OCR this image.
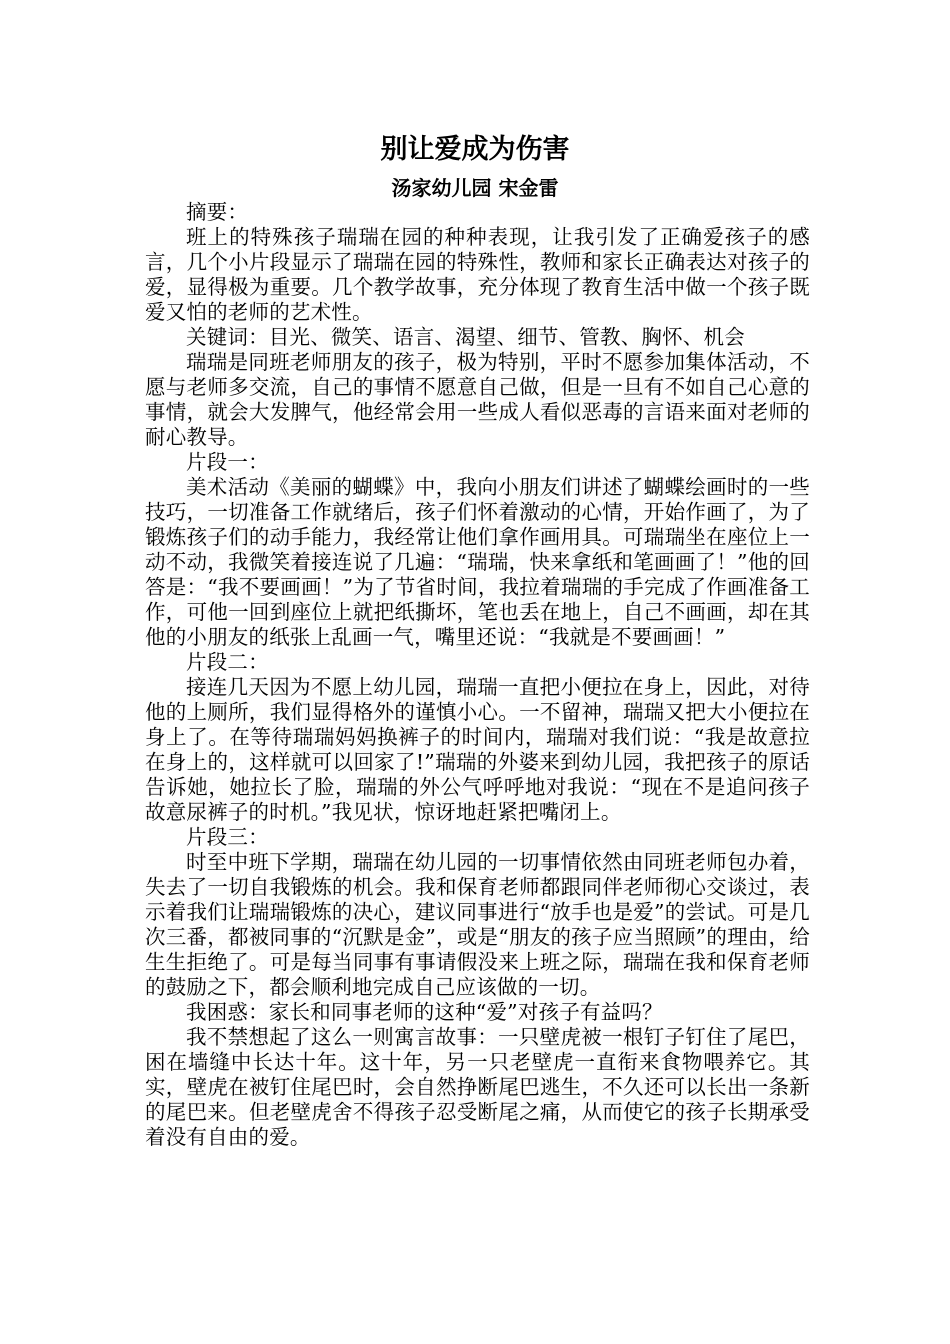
别让爱成为伤害
汤家幼儿园 宋金雷

摘要：

班上的特殊孩子瑞瑞在园的种种表现，让我引发了正确爱孩子的感言，几个小片段显示了瑞瑞在园的特殊性，教师和家长正确表达对孩子的爱，显得极为重要。几个教学故事，充分体现了教育生活中做一个孩子既爱又怕的老师的艺术性。

关键词：目光、微笑、语言、渴望、细节、管教、胸怀、机会

瑞瑞是同班老师朋友的孩子，极为特别，平时不愿参加集体活动，不愿与老师多交流，自己的事情不愿意自己做，但是一旦有不如自己心意的事情，就会大发脾气，他经常会用一些成人看似恶毒的言语来面对老师的耐心教导。

片段一：

美术活动《美丽的蝴蝶》中，我向小朋友们讲述了蝴蝶绘画时的一些技巧，一切准备工作就绪后，孩子们怀着激动的心情，开始作画了，为了锻炼孩子们的动手能力，我经常让他们拿作画用具。可瑞瑞坐在座位上一动不动，我微笑着接连说了几遍：“瑞瑞，快来拿纸和笔画画了！”他的回答是：“我不要画画！”为了节省时间，我拉着瑞瑞的手完成了作画准备工作，可他一回到座位上就把纸撕坏，笔也丢在地上，自己不画画，却在其他的小朋友的纸张上乱画一气，嘴里还说：“我就是不要画画！”

片段二：

接连几天因为不愿上幼儿园，瑞瑞一直把小便拉在身上，因此，对待他的上厕所，我们显得格外的谨慎小心。一不留神，瑞瑞又把大小便拉在身上了。在等待瑞瑞妈妈换裤子的时间内，瑞瑞对我们说：“我是故意拉在身上的，这样就可以回家了!”瑞瑞的外婆来到幼儿园，我把孩子的原话告诉她，她拉长了脸，瑞瑞的外公气呼呼地对我说：“现在不是追问孩子故意尿裤子的时机。”我见状，惊讶地赶紧把嘴闭上。

片段三：

时至中班下学期，瑞瑞在幼儿园的一切事情依然由同班老师包办着，失去了一切自我锻炼的机会。我和保育老师都跟同伴老师彻心交谈过，表示着我们让瑞瑞锻炼的决心，建议同事进行“放手也是爱”的尝试。可是几次三番，都被同事的“沉默是金”，或是“朋友的孩子应当照顾”的理由，给生生拒绝了。可是每当同事有事请假没来上班之际，瑞瑞在我和保育老师的鼓励之下，都会顺利地完成自己应该做的一切。

我困惑：家长和同事老师的这种“爱”对孩子有益吗？

我不禁想起了这么一则寓言故事：一只壁虎被一根钉子钉住了尾巴，困在墙缝中长达十年。这十年，另一只老壁虎一直衔来食物喂养它。其实，壁虎在被钉住尾巴时，会自然挣断尾巴逃生，不久还可以长出一条新的尾巴来。但老壁虎舍不得孩子忍受断尾之痛，从而使它的孩子长期承受着没有自由的爱。
